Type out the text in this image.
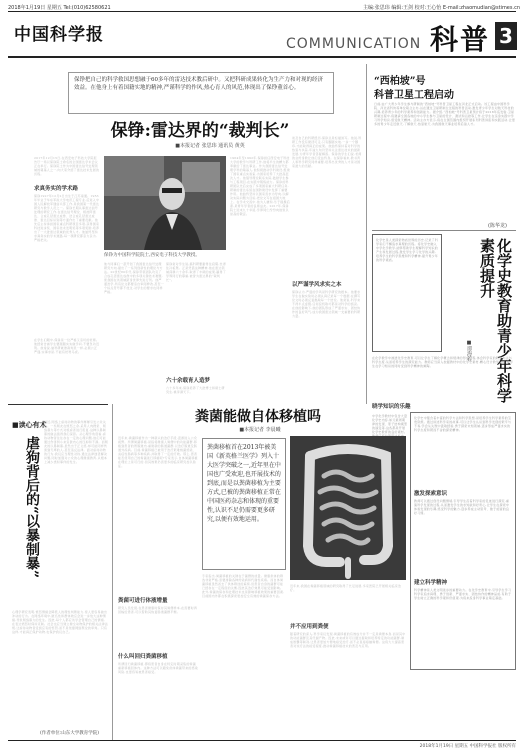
2018年1月19日 星期五 Tel:(010)62580621	主编:张思玮 编辑:王剑 校对:王心怡 E-mail:zhaomudian@stimes.cn
中国科学报	COMMUNICATION 科普 3
保铮把自己的科学救国思想融于60多年的雷达技术教后研中。又把科研成果转化为生产力和对现的经济效益。在他身上有着国籍实地的精神,严谨科学的作风,热心育人的风范,体现出了保铮董首心。
保铮:雷达界的“裁判长”
■本报记者 张思玮 通讯员 黄英
2017年12月15日,在西安电子科技大学院报告厅一场以保铮院士命名的全国雷达学术会议正在举行。保铮院士作为中国雷达信号处理领域的奠基人之一,向大家介绍了雷达技术发展的历程。
求真务实的学术路
保铮1927年12月2日出生于江苏南通。1953年毕业于华东军政大学电讯工程专业,后进入中国人民解放军通信兵部工作,是我国第一代雷达研究与教学人员之一。保铮长期从事雷达信号处理的研究工作,在雷达信号理论、相控阵雷达、合成孔径雷达成像、逆合成孔径雷达成像、雷达目标识别等方面作出了重要贡献。他先后主持承担国家重点科研项目多项,获得国家科技进步奖、国家技术发明奖等多项奖励,培养出了一大批雷达领域的优秀人才。他始终坚持求真务实的学术道路,每一项研究都亲力亲为,严格把关。
在学生们眼中,保铮是一位严格又亲切的老师。他经常告诫学生要踏踏实实做学问,不要急功近利。他常说,做科研就像裁判员一样,必须公正严谨,实事求是,不能有丝毫马虎。
保铮为中国科学院院士,西安电子科技大学教授。
他与同事们一起开创了我国雷达信号处理研究方向,提出了一系列创新性的理论与方法。20世纪80年代,保铮带领团队攻克了合成孔径雷达成像中的多项关键技术难题,使我国在该领域跻身世界先进行列。他严谨治学,所有论文都要亲自审阅修改,甚至一个标点符号都不放过,对学生的要求也同样严格。
保铮常对学生说,搞科研要耐得住寂寞,坐得住冷板凳。正是凭借这种精神,他在雷达领域深耕六十余年,取得了丰硕的成果,赢得了学界同行的尊重,被誉为雷达界的“裁判长”。
六十余载育人造梦
六十多年来,保铮培养了大批博士和硕士研究生,桃李满天下。
1964年至1992年,保铮担任西安电子科技大学的教学与科研工作,他将毕生的精力都奉献给了雷达事业。作为我国雷达信号处理学科的奠基人,他积极推动学科建设,组建了国家重点实验室,为国家培养了大批高层次人才。他倡导理论联系实际,鼓励学生参与工程项目,在实践中锻炼能力。保铮的科研团队先后完成了多项国家重大科研任务,研制的雷达系统在国防建设中发挥了重要作用。他始终坚持以国家需求为导向,以解决实际问题为目标,把论文写在祖国大地上。在学术交流中,他为人谦和,乐于提携后辈,是青年学者的良师益友。2017年,保铮院士迎来九十华诞,学界同仁纷纷向他致以崇高的敬意。
谈及自己的科研经历,保铮总是轻描淡写。他说,科研工作没有捷径可走,只有脚踏实地,一步一个脚印,才能取得真正的成果。他始终保持着对科学的热爱与执着,年逾九旬仍坚持关注雷达技术的最新发展,为青年学者答疑解惑。保铮的学生们说,老师的言传身教让他们受益终身。在保铮看来,教书育人和科学研究同样重要,培养出优秀的人才是对国家最大的贡献。
以严谨学风求实之本
保铮认为,严谨的学风是科学研究的根本。他要求学生在做实验时必须认真记录每一个数据,在撰写论文时必须反复推敲每一个结论。他常说,科学来不得半点虚假,任何投机取巧都是对科学的亵渎。在他的影响下,他的团队形成了严谨求实、团结协作的良好风气,成为我国雷达领域一支重要的科研力量。
“西柏坡”号
科普卫星工程启动
日前,由广大青少年学生参与研制的“西柏坡”号科普卫星工程在河北正式启动。该工程由中国科学院、河北省科协等单位联合主办,旨在通过卫星研制全过程的科普活动,激发青少年学生对航天科技的兴趣,培养青少年的科学素养和创新能力。据介绍,“西柏坡”号科普卫星预计将于2018年底发射,卫星研制过程中,将邀请全国各地的中小学生参与卫星的设计、测试和运控等工作,让学生在亲身实践中学习科学知识,感受航天精神。活动主办方表示,将在全国范围内组织开展系列科普讲座和实践活动,让更多的青少年走近航天,了解航天,热爱航天,为我国航天事业培养后备人才。
(陈华龙)
化学史是人类探索物质世界的历史,记录了科学家们不懈追求真理的历程。将化学史融入中学化学教学,能够帮助学生理解科学知识的产生和发展过程,激发学生学习化学的兴趣,培养学生的科学思维和科学精神,提升青少年的科学素质。	化学史教育助青少年科学素质提升
■谭海若
在化学教学中渗透化学史教育,可以让学生了解化学概念和规律的形成过程,体会科学家的研究方法与科学态度,从而培养学生的探究能力。教师应当深入挖掘教材中的化学史素材,精心设计教学活动,使学生在学习知识的同时受到科学精神的熏陶。
晓学知识的乐趣
化学史中蕴含着丰富的科学方法和科学思想,是培养学生科学素养的宝贵资源。通过讲述科学家的故事,可以让学生认识到科学发现的艰辛与不易,学会从失败中汲取经验,勇于探索未知领域,逐步形成严谨求实的科学态度和锲而不舍的探索精神。
激发探索意识
教师可以通过创设问题情境,引导学生沿着科学家的足迹进行探究,重演科学发现的过程,从而激发学生的求知欲和好奇心,让学生在探索中体验发现的乐趣,感受科学的魅力,逐步养成主动思考、敢于质疑的良好习惯。
建立科学精神
科学精神是人类文明进步的重要动力。在化学史教育中,引导学生学习科学家追求真理、勇于创新、严谨求实、团结协作的精神品质,有助于学生树立正确的科学观和价值观,为将来投身科学事业奠定基础。
中学化学教材中包含大量化学史内容,如元素周期律的发现、原子结构模型的演变等,这些都是开展化学史教育的良好素材。
■读心有术
虐狗背后的“以暴制暴”
最近,网络上虐待动物的事件屡屡引发公众关注。一些网友在愤怒之余,采用人肉搜索、网络暴力等方式对施虐者进行报复,这种以暴制暴的做法值得我们深思。从心理学角度看,虐待动物者往往存在一定的心理问题,他们可能通过伤害弱小来宣泄内心的压抑和不满。而网友的以暴制暴,虽然出于正义感,却可能同样伤害到无辜的人,甚至违反法律。面对虐待动物的行为,我们应当理性对待,通过法律途径解决问题,同时加强对公众的心理健康教育,从根本上减少类似事件的发生。
心理学研究表明,愤怒情绪会降低人的理性判断能力,使人更容易做出冲动的行为。在网络环境中,匿名性和群体效应会进一步放大这种情绪,导致网络暴力的发生。因此,每个人都应该学会管理自己的情绪,在表达愤怒时保持克制。社会也应当建立健全动物保护的相关法律法规,让虐待动物者受到应有的惩罚,而不是依靠网络舆论的审判。只有这样,才能真正保护动物,也保护我们自己。
(作者单位:山东大学教育学院)
粪菌能做自体移植吗
■本报记者 李晨曦
近年来,粪菌移植作为一种新兴的治疗手段,逐渐进入公众视野。所谓粪菌移植,是指将健康人粪便中的功能菌群,移植到患者的胃肠道内,重建新的肠道菌群,以治疗肠道及肠道外疾病。目前,粪菌移植已被用于治疗艰难梭菌感染、炎症性肠病等多种疾病,并取得了一定的疗效。那么,患者能否使用自己的粪菌进行移植呢?专家表示,自体粪菌移植在理论上是可行的,但其效果仍需更多的临床研究加以验证。
粪菌可进行体液增量
研究人员发现,在患者健康时保存其粪便样本,在需要时再回输给患者,可以帮助其恢复肠道菌群平衡。
什么叫回归粪菌移植
所谓回归粪菌移植,即将患者自身在特定时期采集的粪菌重新移植回体内。这种方法可以避免供体粪菌带来的感染风险,也更容易被患者接受。
粪菌移植首在2013年被美国《新英格兰医学》列入十大医学突破之一,近年里在中国也广受欢迎,也开展技术的到底,而是以粪菌移植为主要方式,已被的粪菌移植正常在中国医药杂志和体现的重要性,认识不足仍需要更多研究,以便有效地运用。
专家指出,粪菌移植的关键在于菌群的质量。健康供体的筛选非常严格,需要排除各种传染病和代谢性疾病。而自体粪菌移植虽然省去了供体筛选的麻烦,但患者自身的菌群可能已经存在一定程度的失衡,因此其治疗效果可能受到影响。此外,粪菌的保存和处理技术也是影响移植效果的重要因素,目前国内外都在积极探索更加安全有效的粪菌保存方法。
近年来,我国在粪菌移植领域的研究取得了长足进展,多家医院已开展相关临床治疗。
并不应用到粪便
随着研究的深入,科学家们发现,粪菌移植的有效成分并不一定是粪便本身,而是其中的功能菌群及其代谢产物。因此,未来或许可以通过提取和培养特定的功能菌群,制成胶囊等制剂,让患者更加方便地接受治疗,而不必直接接触粪便。这将大大提高患者对该疗法的接受程度,推动粪菌移植技术的普及与应用。
2018年1月19日 星期五 中国科学报社 版权所有
